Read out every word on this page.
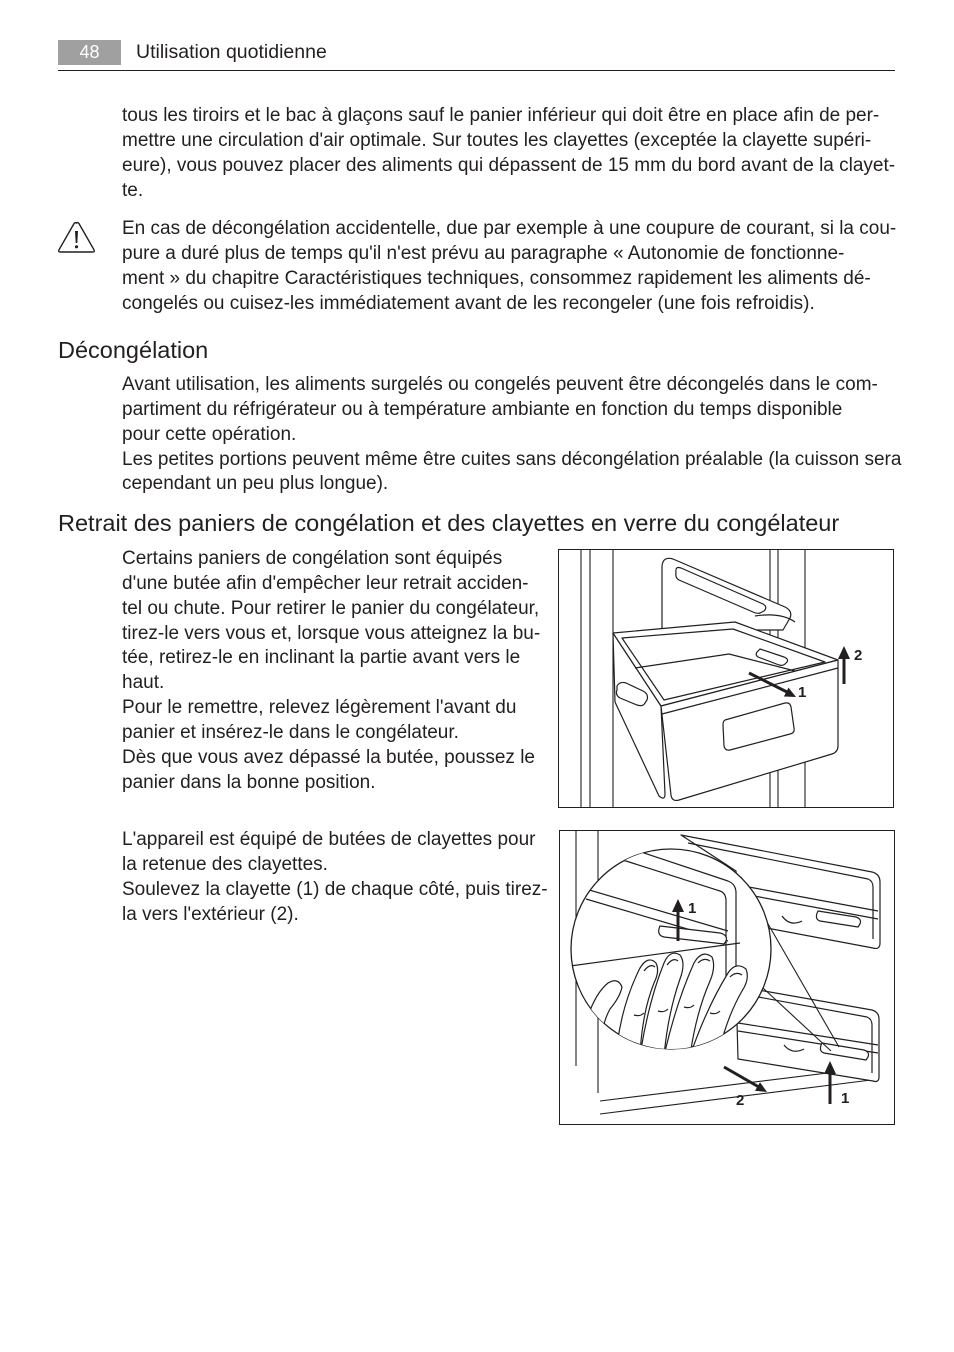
48	Utilisation quotidienne
tous les tiroirs et le bac à glaçons sauf le panier inférieur qui doit être en place afin de per-
mettre une circulation d'air optimale. Sur toutes les clayettes (exceptée la clayette supéri-
eure), vous pouvez placer des aliments qui dépassent de 15 mm du bord avant de la clayet-
te.
En cas de décongélation accidentelle, due par exemple à une coupure de courant, si la cou-
pure a duré plus de temps qu'il n'est prévu au paragraphe « Autonomie de fonctionne-
ment » du chapitre Caractéristiques techniques, consommez rapidement les aliments dé-
congelés ou cuisez-les immédiatement avant de les recongeler (une fois refroidis).
Décongélation
Avant utilisation, les aliments surgelés ou congelés peuvent être décongelés dans le com-
partiment du réfrigérateur ou à température ambiante en fonction du temps disponible
pour cette opération.
Les petites portions peuvent même être cuites sans décongélation préalable (la cuisson sera
cependant un peu plus longue).
Retrait des paniers de congélation et des clayettes en verre du congélateur
Certains paniers de congélation sont équipés
d'une butée afin d'empêcher leur retrait acciden-
tel ou chute. Pour retirer le panier du congélateur,
tirez-le vers vous et, lorsque vous atteignez la bu-
tée, retirez-le en inclinant la partie avant vers le
haut.
Pour le remettre, relevez légèrement l'avant du
panier et insérez-le dans le congélateur.
Dès que vous avez dépassé la butée, poussez le
panier dans la bonne position.
1
2
L'appareil est équipé de butées de clayettes pour
la retenue des clayettes.
Soulevez la clayette (1) de chaque côté, puis tirez-
la vers l'extérieur (2).	1
2	1
